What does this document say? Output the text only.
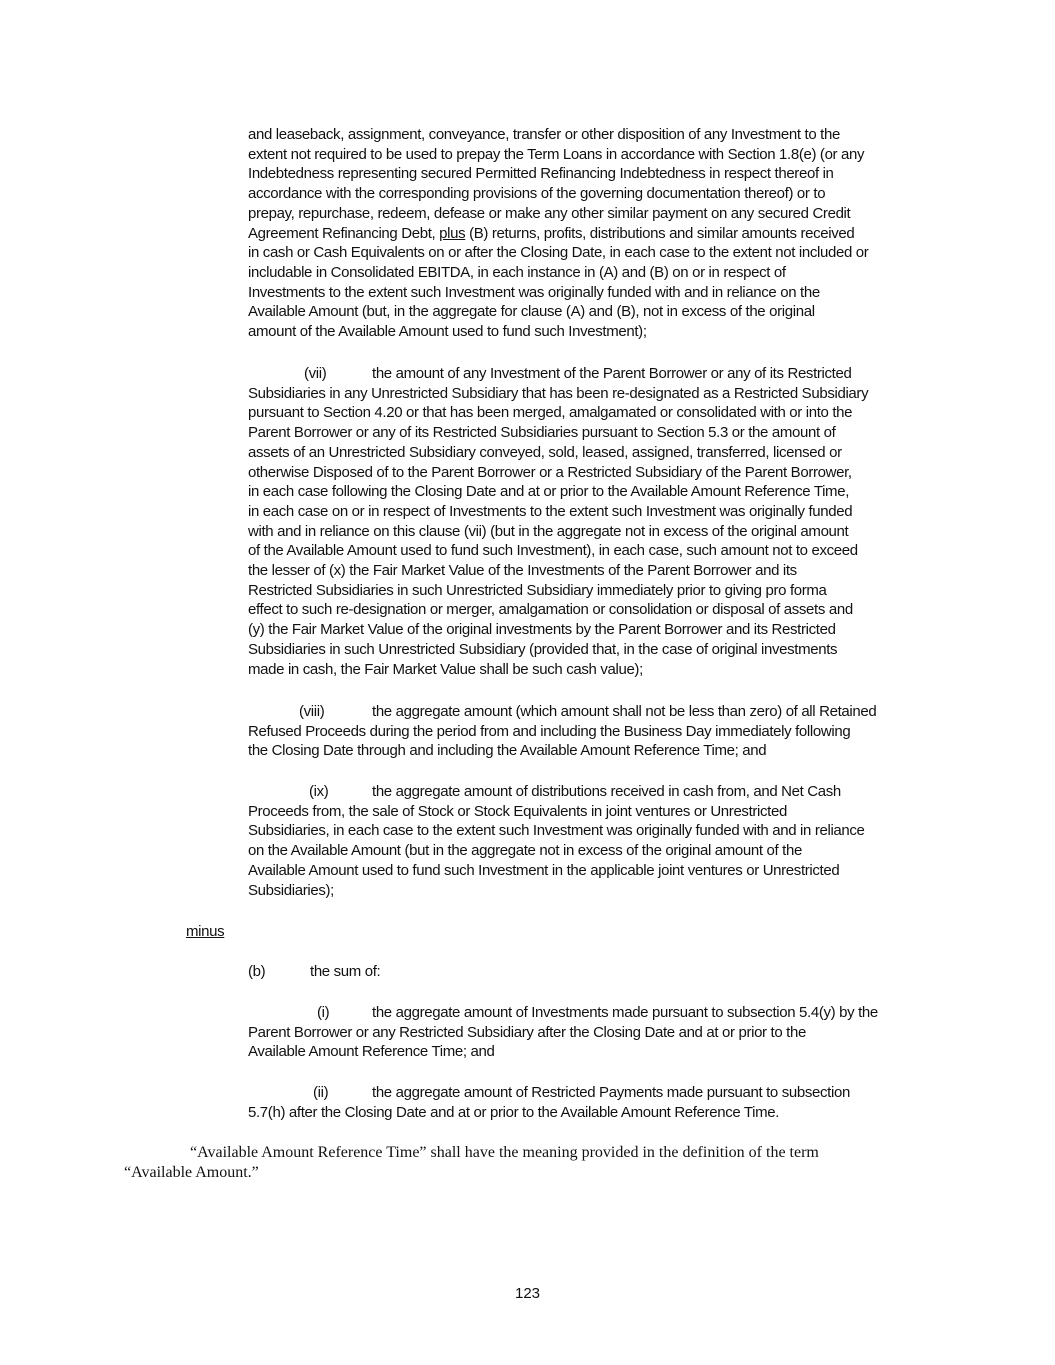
and leaseback, assignment, conveyance, transfer or other disposition of any Investment to the
extent not required to be used to prepay the Term Loans in accordance with Section 1.8(e) (or any
Indebtedness representing secured Permitted Refinancing Indebtedness in respect thereof in
accordance with the corresponding provisions of the governing documentation thereof) or to
prepay, repurchase, redeem, defease or make any other similar payment on any secured Credit
Agreement Refinancing Debt, plus (B) returns, profits, distributions and similar amounts received
in cash or Cash Equivalents on or after the Closing Date, in each case to the extent not included or
includable in Consolidated EBITDA, in each instance in (A) and (B) on or in respect of
Investments to the extent such Investment was originally funded with and in reliance on the
Available Amount (but, in the aggregate for clause (A) and (B), not in excess of the original
amount of the Available Amount used to fund such Investment);
(vii)	the amount of any Investment of the Parent Borrower or any of its Restricted
Subsidiaries in any Unrestricted Subsidiary that has been re-designated as a Restricted Subsidiary
pursuant to Section 4.20 or that has been merged, amalgamated or consolidated with or into the
Parent Borrower or any of its Restricted Subsidiaries pursuant to Section 5.3 or the amount of
assets of an Unrestricted Subsidiary conveyed, sold, leased, assigned, transferred, licensed or
otherwise Disposed of to the Parent Borrower or a Restricted Subsidiary of the Parent Borrower,
in each case following the Closing Date and at or prior to the Available Amount Reference Time,
in each case on or in respect of Investments to the extent such Investment was originally funded
with and in reliance on this clause (vii) (but in the aggregate not in excess of the original amount
of the Available Amount used to fund such Investment), in each case, such amount not to exceed
the lesser of (x) the Fair Market Value of the Investments of the Parent Borrower and its
Restricted Subsidiaries in such Unrestricted Subsidiary immediately prior to giving pro forma
effect to such re-designation or merger, amalgamation or consolidation or disposal of assets and
(y) the Fair Market Value of the original investments by the Parent Borrower and its Restricted
Subsidiaries in such Unrestricted Subsidiary (provided that, in the case of original investments
made in cash, the Fair Market Value shall be such cash value);
(viii)	the aggregate amount (which amount shall not be less than zero) of all Retained
Refused Proceeds during the period from and including the Business Day immediately following
the Closing Date through and including the Available Amount Reference Time; and
(ix)	the aggregate amount of distributions received in cash from, and Net Cash
Proceeds from, the sale of Stock or Stock Equivalents in joint ventures or Unrestricted
Subsidiaries, in each case to the extent such Investment was originally funded with and in reliance
on the Available Amount (but in the aggregate not in excess of the original amount of the
Available Amount used to fund such Investment in the applicable joint ventures or Unrestricted
Subsidiaries);
minus
(b)	the sum of:
(i)	the aggregate amount of Investments made pursuant to subsection 5.4(y) by the
Parent Borrower or any Restricted Subsidiary after the Closing Date and at or prior to the
Available Amount Reference Time; and
(ii)	the aggregate amount of Restricted Payments made pursuant to subsection
5.7(h) after the Closing Date and at or prior to the Available Amount Reference Time.
“Available Amount Reference Time” shall have the meaning provided in the definition of the term
“Available Amount.”
123
